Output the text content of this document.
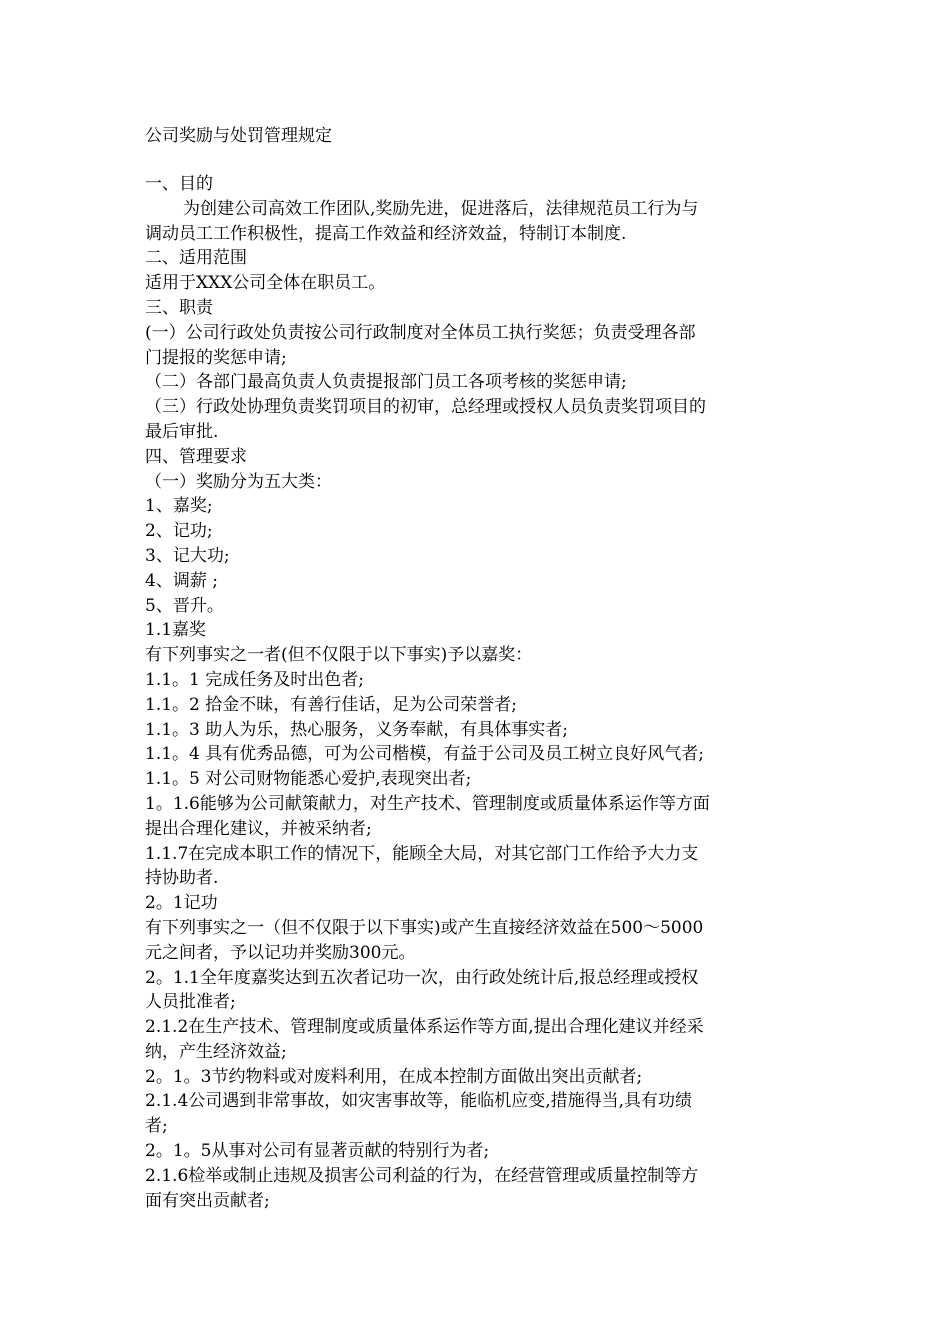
公司奖励与处罚管理规定
一、目的
为创建公司高效工作团队,奖励先进，促进落后，法律规范员工行为与
调动员工工作积极性，提高工作效益和经济效益，特制订本制度.
二、适用范围
适用于XXX公司全体在职员工。
三、职责
(一）公司行政处负责按公司行政制度对全体员工执行奖惩；负责受理各部
门提报的奖惩申请;
（二）各部门最高负责人负责提报部门员工各项考核的奖惩申请;
（三）行政处协理负责奖罚项目的初审，总经理或授权人员负责奖罚项目的
最后审批.
四、管理要求
（一）奖励分为五大类：
1、嘉奖;
2、记功;
3、记大功;
4、调薪 ;
5、晋升。
1.1嘉奖
有下列事实之一者(但不仅限于以下事实)予以嘉奖：
1.1。1 完成任务及时出色者;
1.1。2 拾金不昧，有善行佳话，足为公司荣誉者;
1.1。3 助人为乐，热心服务，义务奉献，有具体事实者;
1.1。4 具有优秀品德，可为公司楷模，有益于公司及员工树立良好风气者;
1.1。5 对公司财物能悉心爱护,表现突出者;
1。1.6能够为公司献策献力，对生产技术、管理制度或质量体系运作等方面
提出合理化建议，并被采纳者;
1.1.7在完成本职工作的情况下，能顾全大局，对其它部门工作给予大力支
持协助者.
2。1记功
有下列事实之一（但不仅限于以下事实)或产生直接经济效益在500～5000
元之间者，予以记功并奖励300元。
2。1.1全年度嘉奖达到五次者记功一次，由行政处统计后,报总经理或授权
人员批准者;
2.1.2在生产技术、管理制度或质量体系运作等方面,提出合理化建议并经采
纳，产生经济效益;
2。1。3节约物料或对废料利用，在成本控制方面做出突出贡献者;
2.1.4公司遇到非常事故，如灾害事故等，能临机应变,措施得当,具有功绩
者;
2。1。5从事对公司有显著贡献的特别行为者;
2.1.6检举或制止违规及损害公司利益的行为，在经营管理或质量控制等方
面有突出贡献者;
